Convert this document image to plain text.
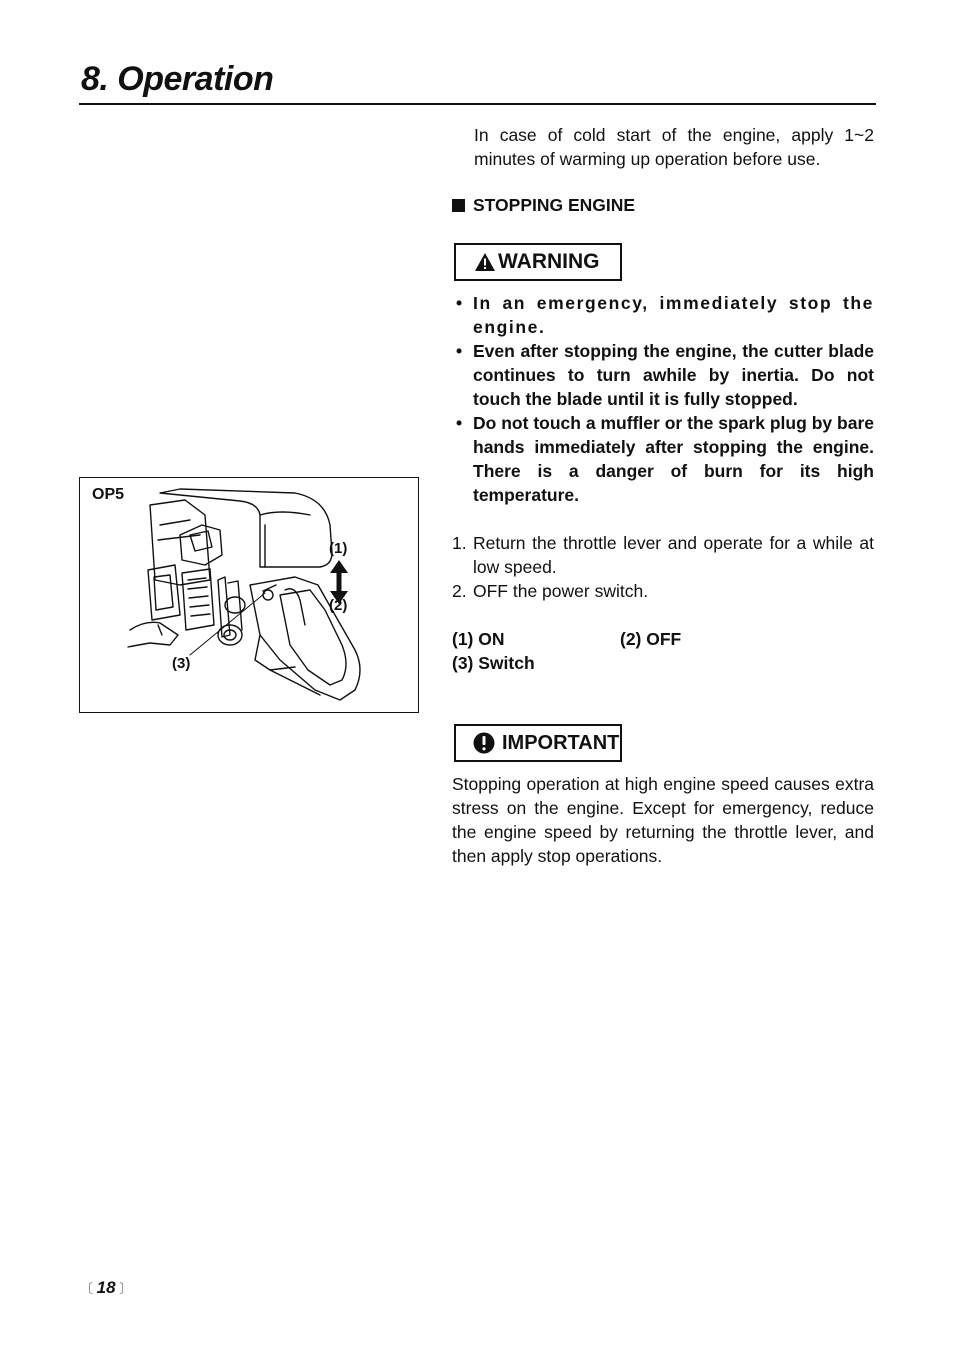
8. Operation
In case of cold start of the engine, apply 1~2 minutes of warming up operation before use.
STOPPING ENGINE
WARNING
• In an emergency, immediately stop the engine.
• Even after stopping the engine, the cutter blade continues to turn awhile by inertia. Do not touch the blade until it is fully stopped.
• Do not touch a muffler or the spark plug by bare hands immediately after stopping the engine. There is a danger of burn for its high temperature.
1. Return the throttle lever and operate for a while at low speed.
2. OFF the power switch.
(1) ON	(2) OFF
(3) Switch
IMPORTANT
Stopping operation at high engine speed causes extra stress on the engine. Except for emergency, reduce the engine speed by returning the throttle lever, and then apply stop operations.
OP5
(1)
(2)
(3)
〔 18 〕
